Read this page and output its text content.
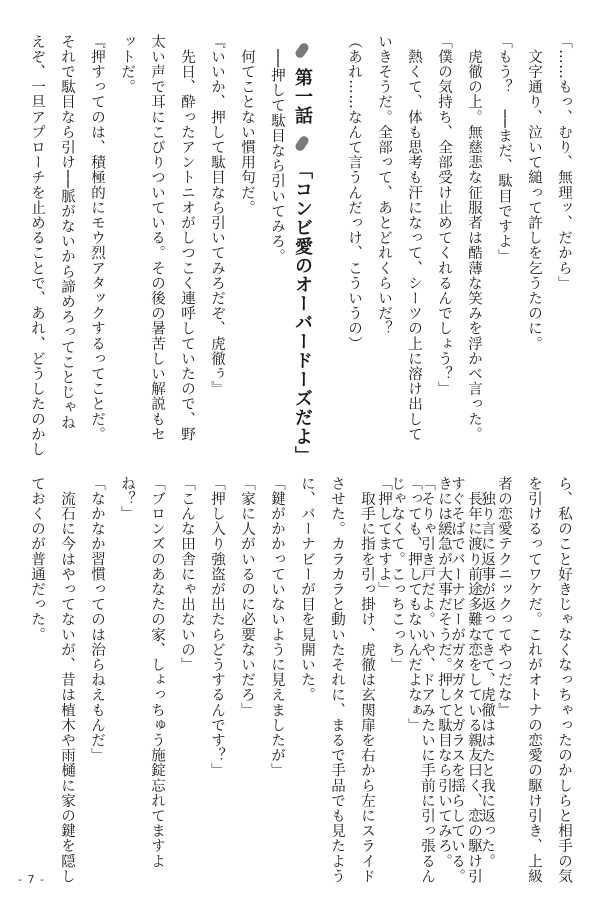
「……もっ、むり、無理ッ、だから」

　文字通り、泣いて縋って許しを乞うたのに。

「もう？　──まだ、駄目ですよ」

　虎徹の上。無慈悲な征服者は酷薄な笑みを浮かべ言った。

「僕の気持ち、全部受け止めてくれるんでしょう？」

　熱くて、体も思考も汗になって、シーツの上に溶け出して

いきそうだ。全部って、あとどれくらいだ？

（あれ……なんて言うんだっけ、こういうの）

第一話  「コンビ愛のオーバードーズだよ」

　──押して駄目なら引いてみろ。

　何てことない慣用句だ。

『いいか、押して駄目なら引いてみろだぞ、虎徹ぅ』

　先日、酔ったアントニオがしつこく連呼していたので、野

太い声で耳にこびりついている。その後の暑苦しい解説もセ

ットだ。

『押すってのは、積極的にモウ烈アタックするってことだ。

それで駄目なら引け──脈がないから諦めろってことじゃね

えぞ、一旦アプローチを止めることで、あれ、どうしたのかし

ら、私のこと好きじゃなくなっちゃったのかしらと相手の気

を引けるってワケだ。これがオトナの恋愛の駆け引き、上級

者の恋愛テクニックってやつだな』

　長年に渡り前途多難な恋をしている親友曰く、恋の駆け引

きには緩急が大事だそうだ。押して駄目なら引いてみろ。

「っても、押してもないんだよなぁ」

「押してますよ」	　独り言に返事が返ってきて、虎徹ははたと我に返った。

すぐそばでバーナビーがガタガタとガラスを揺らしている。

「そりゃ引き戸だよ。いや、ドアみたいに手前に引っ張るん

じゃなくて。こっちこっち」

　取手に指を引っ掛け、虎徹は玄関扉を右から左にスライド

させた。カラカラと動いたそれに、まるで手品でも見たよう

に、バーナビーが目を見開いた。

「鍵がかかっていないように見えましたが」

「家に人がいるのに必要ないだろ」

「押し入り強盗が出たらどうするんです？」

「こんな田舎にゃ出ないの」

「ブロンズのあなたの家、しょっちゅう施錠忘れてますよ

ね？」

「なかなか習慣ってのは治らねえもんだ」

　流石に今はやってないが、昔は植木や雨樋に家の鍵を隠し

ておくのが普通だった。

- 7 -
